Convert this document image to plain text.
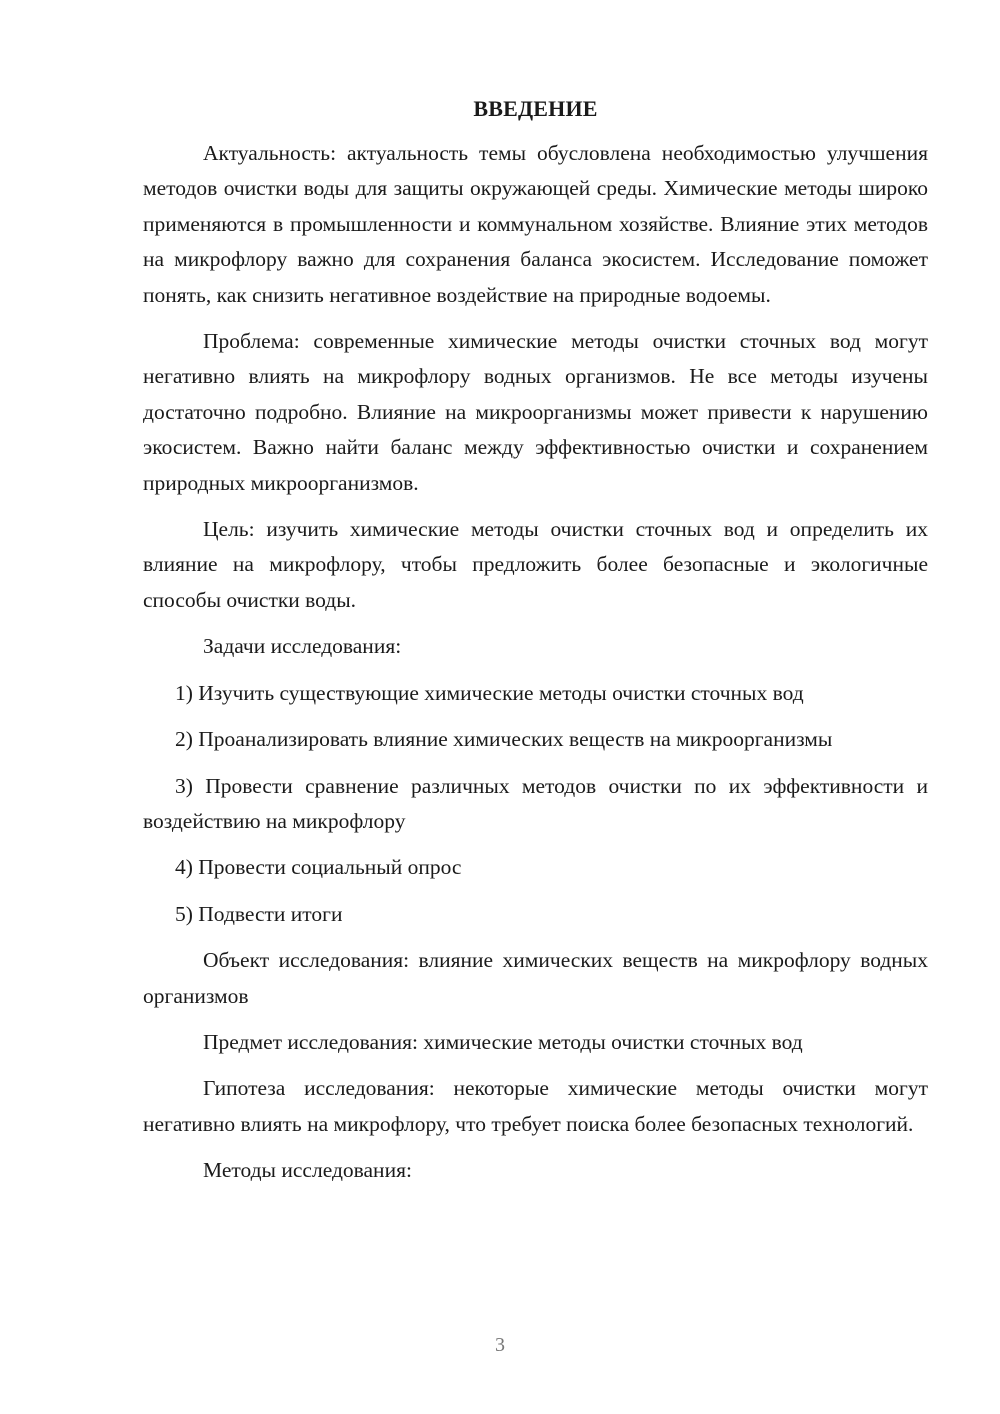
ВВЕДЕНИЕ

Актуальность: актуальность темы обусловлена необходимостью улучшения методов очистки воды для защиты окружающей среды. Химические методы широко применяются в промышленности и коммунальном хозяйстве. Влияние этих методов на микрофлору важно для сохранения баланса экосистем. Исследование поможет понять, как снизить негативное воздействие на природные водоемы.

Проблема: современные химические методы очистки сточных вод могут негативно влиять на микрофлору водных организмов. Не все методы изучены достаточно подробно. Влияние на микроорганизмы может привести к нарушению экосистем. Важно найти баланс между эффективностью очистки и сохранением природных микроорганизмов.

Цель: изучить химические методы очистки сточных вод и определить их влияние на микрофлору, чтобы предложить более безопасные и экологичные способы очистки воды.

Задачи исследования:

1) Изучить существующие химические методы очистки сточных вод

2) Проанализировать влияние химических веществ на микроорганизмы

3) Провести сравнение различных методов очистки по их эффективности и воздействию на микрофлору

4) Провести социальный опрос

5) Подвести итоги

Объект исследования: влияние химических веществ на микрофлору водных организмов

Предмет исследования: химические методы очистки сточных вод

Гипотеза исследования: некоторые химические методы очистки могут негативно влиять на микрофлору, что требует поиска более безопасных технологий.

Методы исследования:

3
